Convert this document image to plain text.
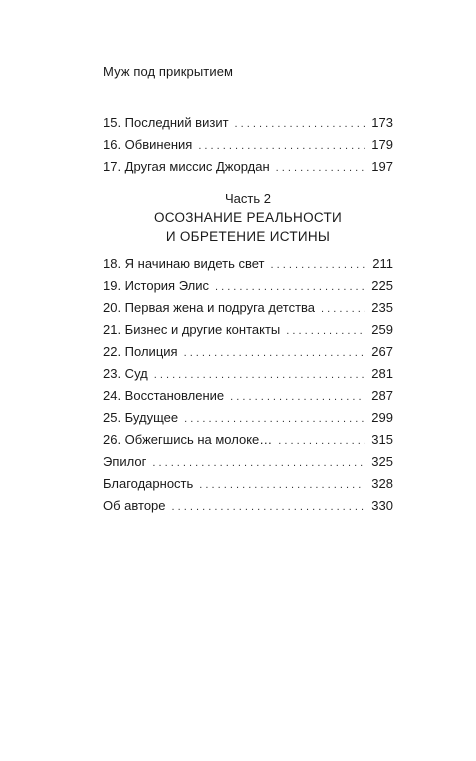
Муж под прикрытием
15. Последний визит . . .	173
16. Обвинения . . .	179
17. Другая миссис Джордан . . .	197
Часть 2
ОСОЗНАНИЕ РЕАЛЬНОСТИ
И ОБРЕТЕНИЕ ИСТИНЫ
18. Я начинаю видеть свет . . .	211
19. История Элис . . .	225
20. Первая жена и подруга детства . . .	235
21. Бизнес и другие контакты . . .	259
22. Полиция . . .	267
23. Суд . . .	281
24. Восстановление . . .	287
25. Будущее . . .	299
26. Обжегшись на молоке… . . .	315
Эпилог . . .	325
Благодарность . . .	328
Об авторе . . .	330
